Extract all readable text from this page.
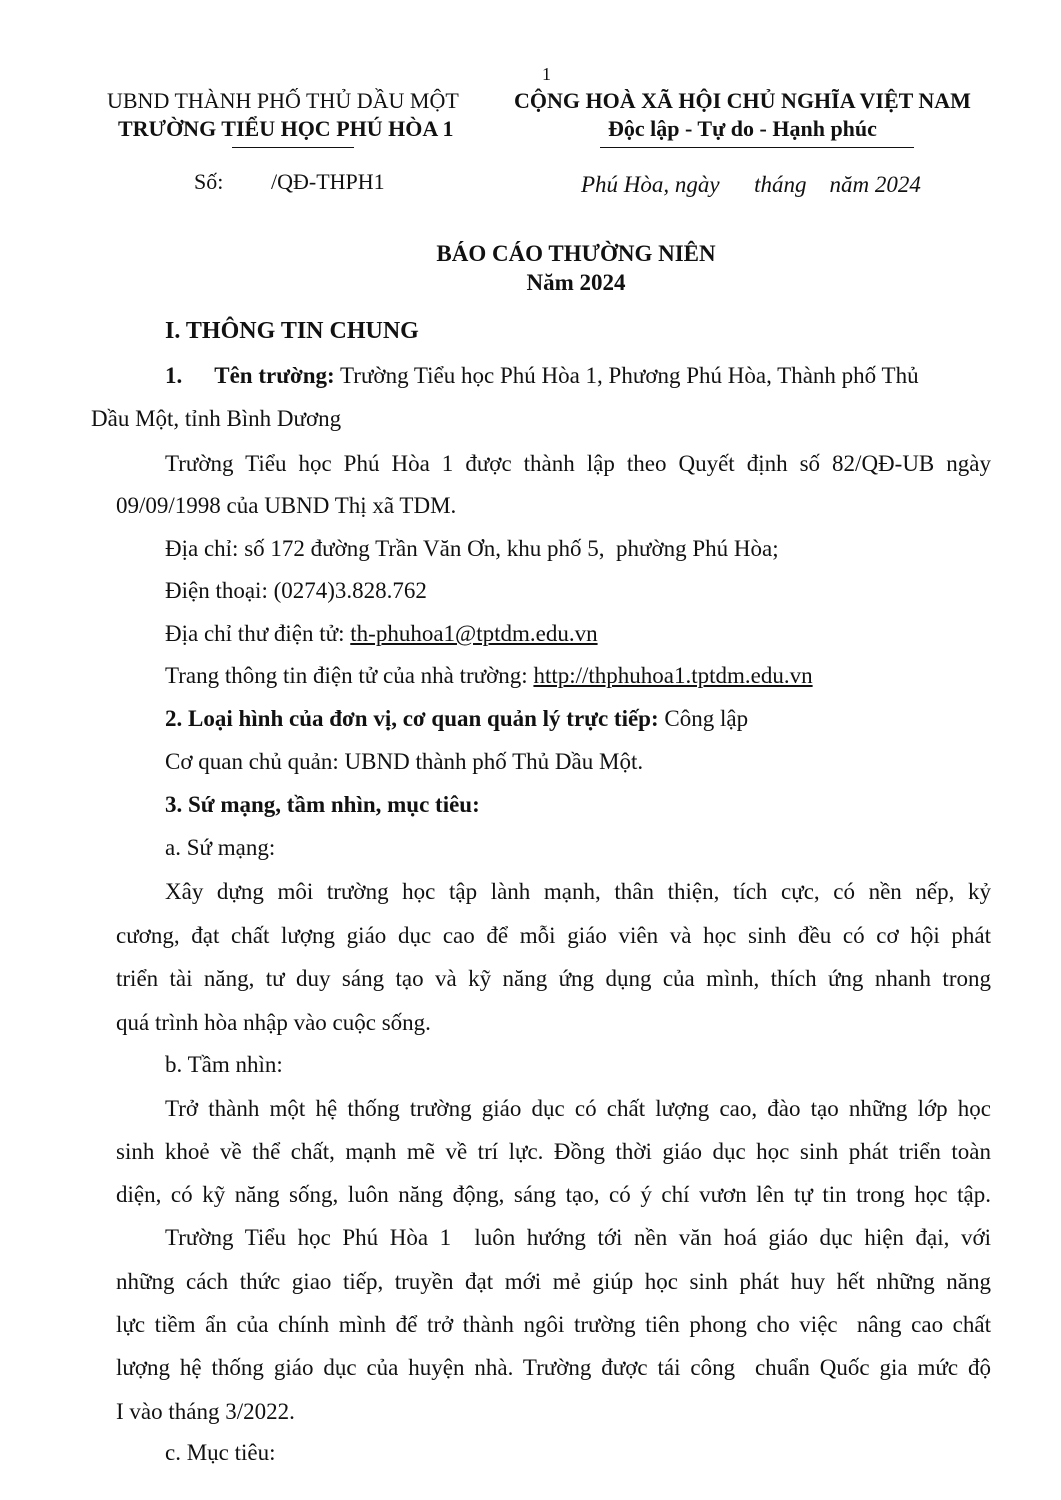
1
UBND THÀNH PHỐ THỦ DẦU MỘT
TRƯỜNG TIỂU HỌC PHÚ HÒA 1
CỘNG HOÀ XÃ HỘI CHỦ NGHĨA VIỆT NAM
Độc lập - Tự do - Hạnh phúc
Số: /QĐ-THPH1	Phú Hòa, ngày      tháng    năm 2024
BÁO CÁO THƯỜNG NIÊN
Năm 2024
I. THÔNG TIN CHUNG
1. Tên trường: Trường Tiểu học Phú Hòa 1, Phương Phú Hòa, Thành phố Thủ
Dầu Một, tỉnh Bình Dương
Trường Tiểu học Phú Hòa 1 được thành lập theo Quyết định số 82/QĐ-UB ngày
09/09/1998 của UBND Thị xã TDM.
Địa chỉ: số 172 đường Trần Văn Ơn, khu phố 5,  phường Phú Hòa;
Điện thoại: (0274)3.828.762
Địa chỉ thư điện tử: th-phuhoa1@tptdm.edu.vn
Trang thông tin điện tử của nhà trường: http://thphuhoa1.tptdm.edu.vn
2. Loại hình của đơn vị, cơ quan quản lý trực tiếp: Công lập
Cơ quan chủ quản: UBND thành phố Thủ Dầu Một.
3. Sứ mạng, tầm nhìn, mục tiêu:
a. Sứ mạng:
Xây dựng môi trường học tập lành mạnh, thân thiện, tích cực, có nền nếp, kỷ
cương, đạt chất lượng giáo dục cao để mỗi giáo viên và học sinh đều có cơ hội phát
triển tài năng, tư duy sáng tạo và kỹ năng ứng dụng của mình, thích ứng nhanh trong
quá trình hòa nhập vào cuộc sống.
b. Tầm nhìn:
Trở thành một hệ thống trường giáo dục có chất lượng cao, đào tạo những lớp học
sinh khoẻ về thể chất, mạnh mẽ về trí lực. Đồng thời giáo dục học sinh phát triển toàn
diện, có kỹ năng sống, luôn năng động, sáng tạo, có ý chí vươn lên tự tin trong học tập.
Trường Tiểu học Phú Hòa 1  luôn hướng tới nền văn hoá giáo dục hiện đại, với
những cách thức giao tiếp, truyền đạt mới mẻ giúp học sinh phát huy hết những năng
lực tiềm ẩn của chính mình để trở thành ngôi trường tiên phong cho việc  nâng cao chất
lượng hệ thống giáo dục của huyện nhà. Trường được tái công  chuẩn Quốc gia mức độ
I vào tháng 3/2022.
c. Mục tiêu:
